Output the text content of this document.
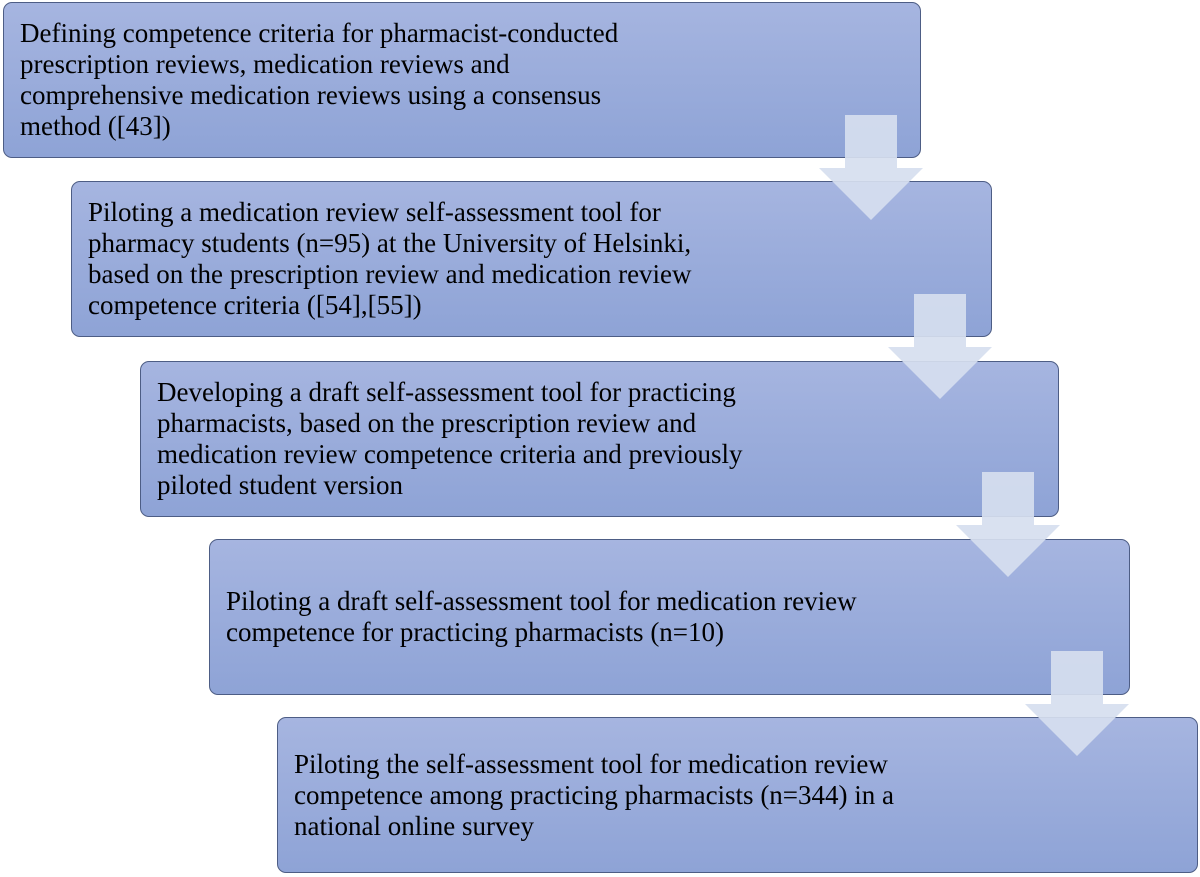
Defining competence criteria for pharmacist-conducted
prescription reviews, medication reviews and
comprehensive medication reviews using a consensus
method ([43])
Piloting a medication review self-assessment tool for
pharmacy students (n=95) at the University of Helsinki,
based on the prescription review and medication review
competence criteria ([54],[55])
Developing a draft self-assessment tool for practicing
pharmacists, based on the prescription review and
medication review competence criteria and previously
piloted student version
Piloting a draft self-assessment tool for medication review
competence for practicing pharmacists (n=10)
Piloting the self-assessment tool for medication review
competence among practicing pharmacists (n=344) in a
national online survey
